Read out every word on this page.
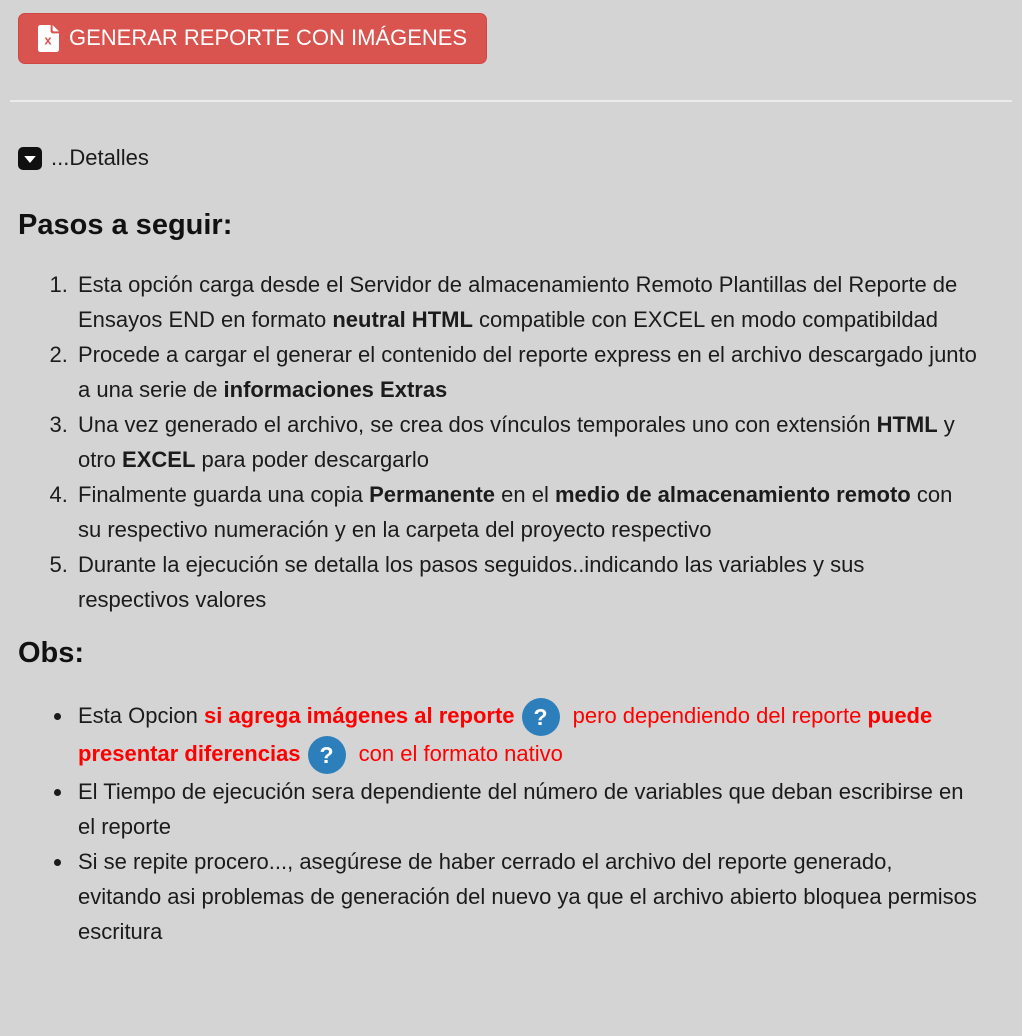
x GENERAR REPORTE CON IMÁGENES
...Detalles
Pasos a seguir:
1. Esta opción carga desde el Servidor de almacenamiento Remoto Plantillas del Reporte de Ensayos END en formato neutral HTML compatible con EXCEL en modo compatibildad
2. Procede a cargar el generar el contenido del reporte express en el archivo descargado junto a una serie de informaciones Extras
3. Una vez generado el archivo, se crea dos vínculos temporales uno con extensión HTML y otro EXCEL para poder descargarlo
4. Finalmente guarda una copia Permanente en el medio de almacenamiento remoto con su respectivo numeración y en la carpeta del proyecto respectivo
5. Durante la ejecución se detalla los pasos seguidos..indicando las variables y sus respectivos valores
Obs:
• Esta Opcion si agrega imágenes al reporte ? pero dependiendo del reporte puede presentar diferencias ? con el formato nativo
• El Tiempo de ejecución sera dependiente del número de variables que deban escribirse en el reporte
• Si se repite procero..., asegúrese de haber cerrado el archivo del reporte generado, evitando asi problemas de generación del nuevo ya que el archivo abierto bloquea permisos escritura
